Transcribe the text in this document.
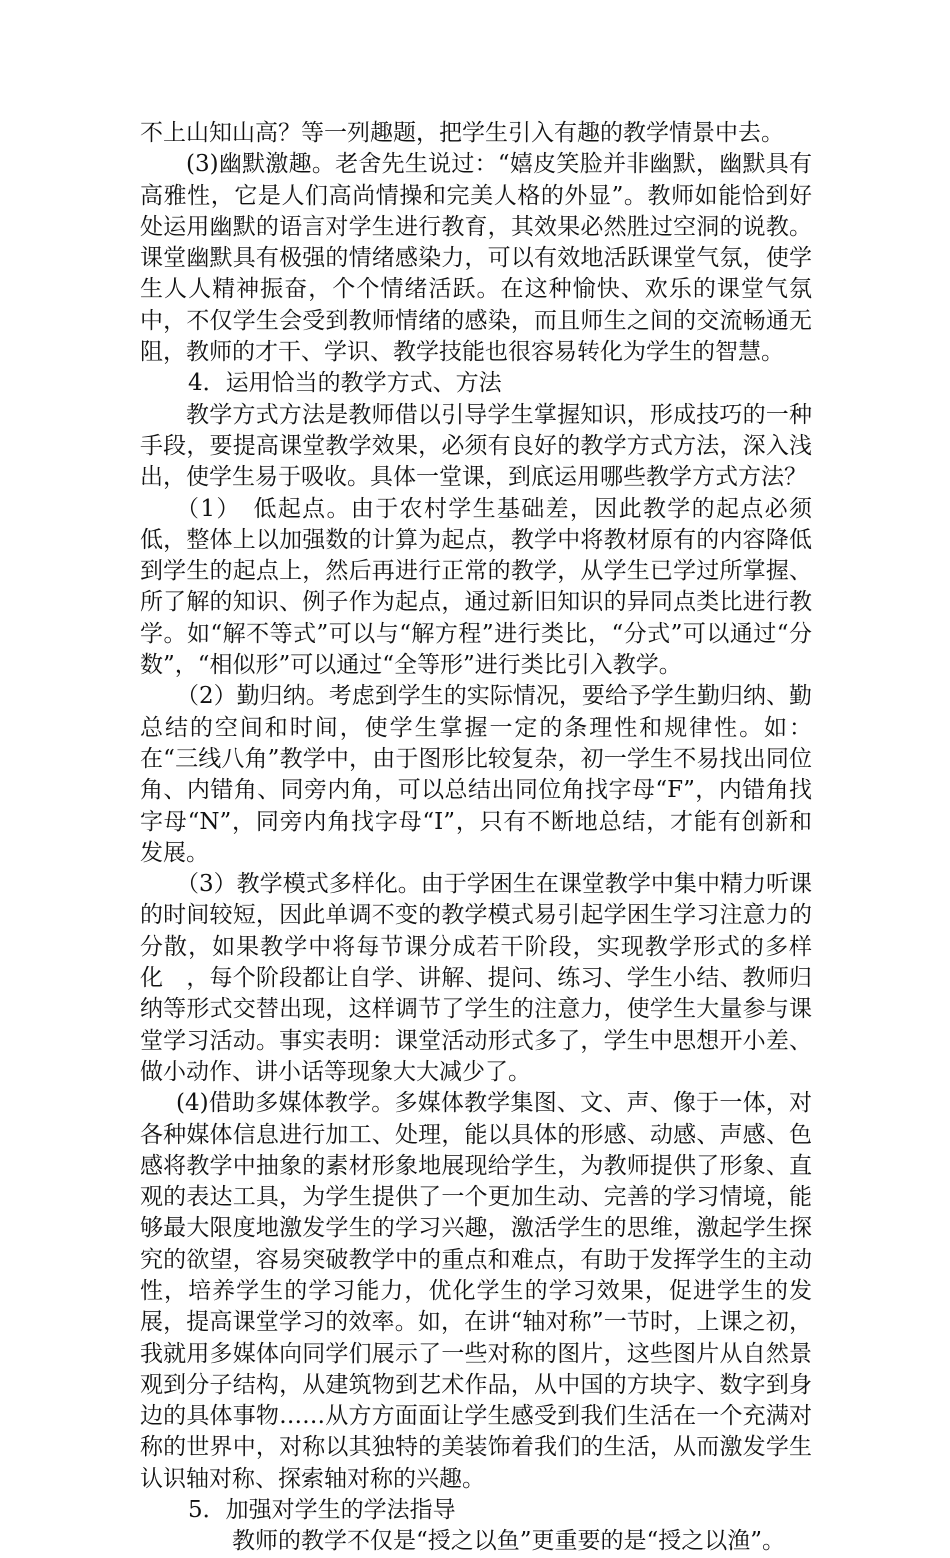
不上山知山高？等一列趣题，把学生引入有趣的教学情景中去。

(3)幽默激趣。老舍先生说过：“嬉皮笑脸并非幽默，幽默具有高雅性，它是人们高尚情操和完美人格的外显”。教师如能恰到好处运用幽默的语言对学生进行教育，其效果必然胜过空洞的说教。课堂幽默具有极强的情绪感染力，可以有效地活跃课堂气氛，使学生人人精神振奋，个个情绪活跃。在这种愉快、欢乐的课堂气氛中，不仅学生会受到教师情绪的感染，而且师生之间的交流畅通无阻，教师的才干、学识、教学技能也很容易转化为学生的智慧。

4．运用恰当的教学方式、方法

教学方式方法是教师借以引导学生掌握知识，形成技巧的一种手段，要提高课堂教学效果，必须有良好的教学方式方法，深入浅出，使学生易于吸收。具体一堂课，到底运用哪些教学方式方法？

（1）　低起点。由于农村学生基础差，因此教学的起点必须低，整体上以加强数的计算为起点，教学中将教材原有的内容降低到学生的起点上，然后再进行正常的教学，从学生已学过所掌握、所了解的知识、例子作为起点，通过新旧知识的异同点类比进行教学。如“解不等式”可以与“解方程”进行类比，“分式”可以通过“分数”，“相似形”可以通过“全等形”进行类比引入教学。

（2）勤归纳。考虑到学生的实际情况，要给予学生勤归纳、勤总结的空间和时间，使学生掌握一定的条理性和规律性。如：在“三线八角”教学中，由于图形比较复杂，初一学生不易找出同位角、内错角、同旁内角，可以总结出同位角找字母“F”，内错角找字母“N”，同旁内角找字母“I”，只有不断地总结，才能有创新和发展。

（3）教学模式多样化。由于学困生在课堂教学中集中精力听课的时间较短，因此单调不变的教学模式易引起学困生学习注意力的分散，如果教学中将每节课分成若干阶段，实现教学形式的多样化　，每个阶段都让自学、讲解、提问、练习、学生小结、教师归纳等形式交替出现，这样调节了学生的注意力，使学生大量参与课堂学习活动。事实表明：课堂活动形式多了，学生中思想开小差、做小动作、讲小话等现象大大减少了。

(4)借助多媒体教学。多媒体教学集图、文、声、像于一体，对各种媒体信息进行加工、处理，能以具体的形感、动感、声感、色感将教学中抽象的素材形象地展现给学生，为教师提供了形象、直观的表达工具，为学生提供了一个更加生动、完善的学习情境，能够最大限度地激发学生的学习兴趣，激活学生的思维，激起学生探究的欲望，容易突破教学中的重点和难点，有助于发挥学生的主动性，培养学生的学习能力，优化学生的学习效果，促进学生的发展，提高课堂学习的效率。如，在讲“轴对称”一节时，上课之初，我就用多媒体向同学们展示了一些对称的图片，这些图片从自然景观到分子结构，从建筑物到艺术作品，从中国的方块字、数字到身边的具体事物……从方方面面让学生感受到我们生活在一个充满对称的世界中，对称以其独特的美装饰着我们的生活，从而激发学生认识轴对称、探索轴对称的兴趣。

5．加强对学生的学法指导

教师的教学不仅是“授之以鱼”更重要的是“授之以渔”。
